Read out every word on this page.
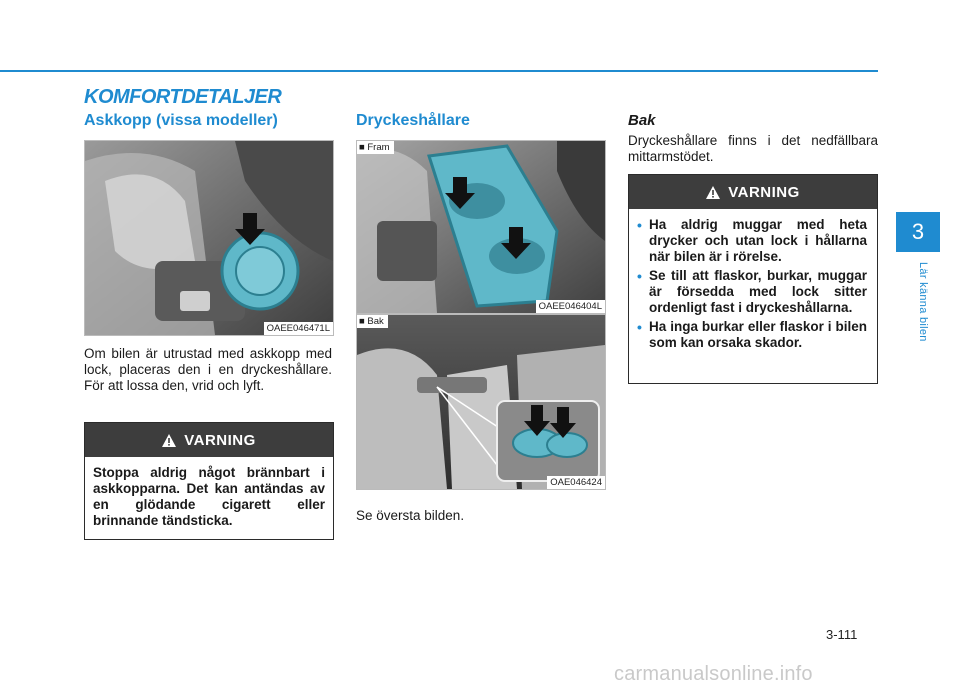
KOMFORTDETALJER
Askkopp (vissa modeller)
OAEE046471L
Om bilen är utrustad med askkopp med lock, placeras den i en dryckeshållare. För att lossa den, vrid och lyft.
VARNING
Stoppa aldrig något brännbart i askkopparna. Det kan antändas av en glödande cigarett eller brinnande tändsticka.
Dryckeshållare
■ Fram
OAEE046404L
■ Bak
OAE046424
Se översta bilden.
Bak
Dryckeshållare finns i det nedfällbara mittarmstödet.
VARNING
• Ha aldrig muggar med heta drycker och utan lock i hållarna när bilen är i rörelse.
• Se till att flaskor, burkar, muggar är försedda med lock sitter ordenligt fast i dryckeshållarna.
• Ha inga burkar eller flaskor i bilen som kan orsaka skador.
3
Lär känna bilen
3-111
carmanualsonline.info
